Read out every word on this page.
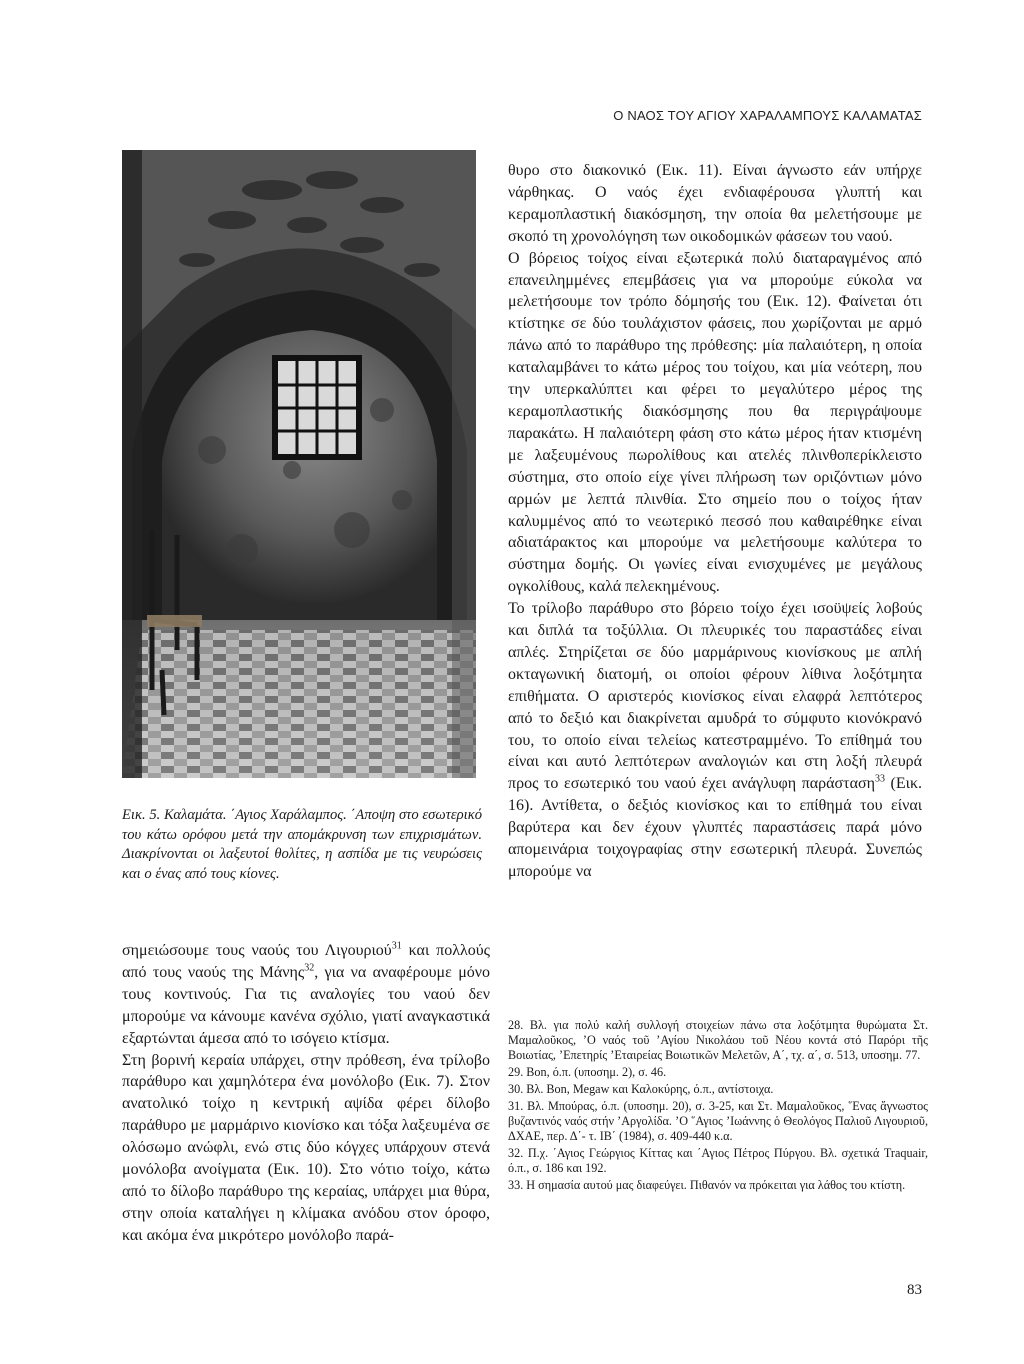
Ο ΝΑΟΣ ΤΟΥ ΑΓΙΟΥ ΧΑΡΑΛΑΜΠΟΥΣ ΚΑΛΑΜΑΤΑΣ
Εικ. 5. Καλαμάτα. ΄Αγιος Χαράλαμπος. ΄Αποψη στο εσωτερικό του κάτω ορόφου μετά την απομάκρυνση των επιχρισμάτων. Διακρίνονται οι λαξευτοί θολίτες, η ασπίδα με τις νευρώσεις και ο ένας από τους κίονες.

θυρο στο διακονικό (Εικ. 11). Είναι άγνωστο εάν υπήρχε νάρθηκας. Ο ναός έχει ενδιαφέρουσα γλυπτή και κεραμοπλαστική διακόσμηση, την οποία θα μελετήσουμε με σκοπό τη χρονολόγηση των οικοδομικών φάσεων του ναού.

Ο βόρειος τοίχος είναι εξωτερικά πολύ διαταραγμένος από επανειλημμένες επεμβάσεις για να μπορούμε εύκολα να μελετήσουμε τον τρόπο δόμησής του (Εικ. 12). Φαίνεται ότι κτίστηκε σε δύο τουλάχιστον φάσεις, που χωρίζονται με αρμό πάνω από το παράθυρο της πρόθεσης: μία παλαιότερη, η οποία καταλαμβάνει το κάτω μέρος του τοίχου, και μία νεότερη, που την υπερκαλύπτει και φέρει το μεγαλύτερο μέρος της κεραμοπλαστικής διακόσμησης που θα περιγράψουμε παρακάτω. Η παλαιότερη φάση στο κάτω μέρος ήταν κτισμένη με λαξευμένους πωρολίθους και ατελές πλινθοπερίκλειστο σύστημα, στο οποίο είχε γίνει πλήρωση των οριζόντιων μόνο αρμών με λεπτά πλινθία. Στο σημείο που ο τοίχος ήταν καλυμμένος από το νεωτερικό πεσσό που καθαιρέθηκε είναι αδιατάρακτος και μπορούμε να μελετήσουμε καλύτερα το σύστημα δομής. Οι γωνίες είναι ενισχυμένες με μεγάλους ογκολίθους, καλά πελεκημένους.

Το τρίλοβο παράθυρο στο βόρειο τοίχο έχει ισοϋψείς λοβούς και διπλά τα τοξύλλια. Οι πλευρικές του παραστάδες είναι απλές. Στηρίζεται σε δύο μαρμάρινους κιονίσκους με απλή οκταγωνική διατομή, οι οποίοι φέρουν λίθινα λοξότμητα επιθήματα. Ο αριστερός κιονίσκος είναι ελαφρά λεπτότερος από το δεξιό και διακρίνεται αμυδρά το σύμφυτο κιονόκρανό του, το οποίο είναι τελείως κατεστραμμένο. Το επίθημά του είναι και αυτό λεπτότερων αναλογιών και στη λοξή πλευρά προς το εσωτερικό του ναού έχει ανάγλυφη παράσταση$^{33}$ (Εικ. 16). Αντίθετα, ο δεξιός κιονίσκος και το επίθημά του είναι βαρύτερα και δεν έχουν γλυπτές παραστάσεις παρά μόνο απομεινάρια τοιχογραφίας στην εσωτερική πλευρά. Συνεπώς μπορούμε να

σημειώσουμε τους ναούς του Λιγουριού$^{31}$ και πολλούς από τους ναούς της Μάνης$^{32}$, για να αναφέρουμε μόνο τους κοντινούς. Για τις αναλογίες του ναού δεν μπορούμε να κάνουμε κανένα σχόλιο, γιατί αναγκαστικά εξαρτώνται άμεσα από το ισόγειο κτίσμα.

Στη βορινή κεραία υπάρχει, στην πρόθεση, ένα τρίλοβο παράθυρο και χαμηλότερα ένα μονόλοβο (Εικ. 7). Στον ανατολικό τοίχο η κεντρική αψίδα φέρει δίλοβο παράθυρο με μαρμάρινο κιονίσκο και τόξα λαξευμένα σε ολόσωμο ανώφλι, ενώ στις δύο κόγχες υπάρχουν στενά μονόλοβα ανοίγματα (Εικ. 10). Στο νότιο τοίχο, κάτω από το δίλοβο παράθυρο της κεραίας, υπάρχει μια θύρα, στην οποία καταλήγει η κλίμακα ανόδου στον όροφο, και ακόμα ένα μικρότερο μονόλοβο παρά-

28. Βλ. για πολύ καλή συλλογή στοιχείων πάνω στα λοξότμητα θυρώματα Στ. Μαμαλοῦκος, ʼΟ ναός τοῦ ʼΑγίου Νικολάου τοῦ Νέου κοντά στό Παρόρι τῆς Βοιωτίας, ʼΕπετηρίς ʼΕταιρείας Βοιωτικῶν Μελετῶν, Α΄, τχ. α΄, σ. 513, υποσημ. 77.

29. Bon, ό.π. (υποσημ. 2), σ. 46.

30. Βλ. Bon, Megaw και Καλοκύρης, ό.π., αντίστοιχα.

31. Βλ. Μπούρας, ό.π. (υποσημ. 20), σ. 3-25, και Στ. Μαμαλοῦκος, ῞Ενας ἄγνωστος βυζαντινός ναός στήν ʼΑργολίδα. ʼΟ ῞Αγιος ʼΙωάννης ὁ Θεολόγος Παλιοῦ Λιγουριοῦ, ΔΧΑΕ, περ. Δ΄- τ. ΙΒ΄ (1984), σ. 409-440 κ.α.

32. Π.χ. ΄Αγιος Γεώργιος Κίττας και ΄Αγιος Πέτρος Πύργου. Βλ. σχετικά Traquair, ό.π., σ. 186 και 192.

33. Η σημασία αυτού μας διαφεύγει. Πιθανόν να πρόκειται για λάθος του κτίστη.

83
